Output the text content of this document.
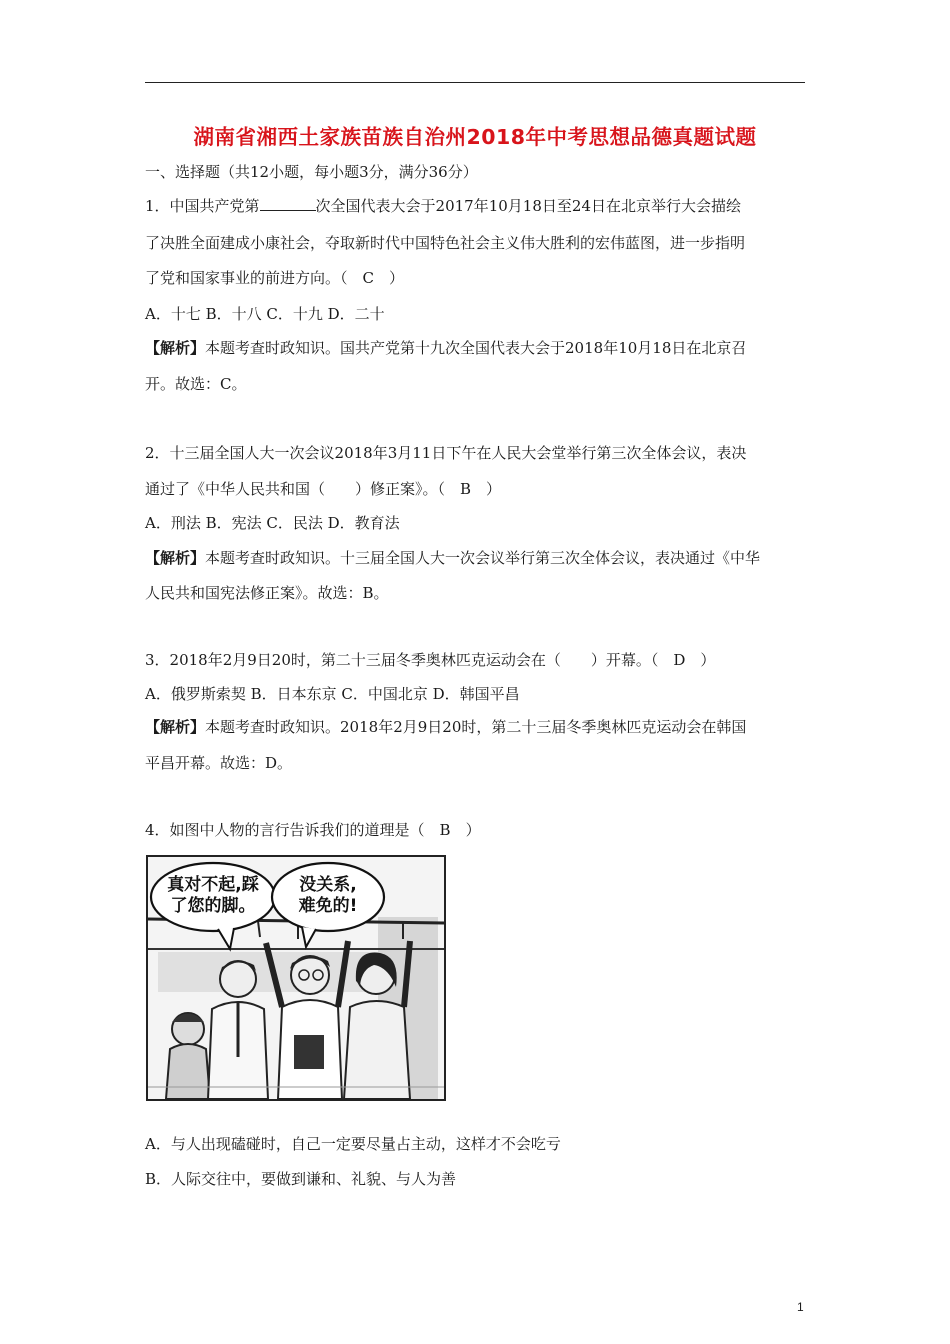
湖南省湘西土家族苗族自治州2018年中考思想品德真题试题
一、选择题（共12小题，每小题3分，满分36分）
1．中国共产党第	次全国代表大会于2017年10月18日至24日在北京举行大会描绘
了决胜全面建成小康社会，夺取新时代中国特色社会主义伟大胜利的宏伟蓝图，进一步指明
了党和国家事业的前进方向。（　C　）
A．十七 B．十八 C．十九 D．二十
【解析】本题考查时政知识。国共产党第十九次全国代表大会于2018年10月18日在北京召
开。故选：C。
2．十三届全国人大一次会议2018年3月11日下午在人民大会堂举行第三次全体会议，表决
通过了《中华人民共和国（　　）修正案》。（　B　）
A．刑法 B．宪法 C．民法 D．教育法
【解析】本题考查时政知识。十三届全国人大一次会议举行第三次全体会议，表决通过《中华
人民共和国宪法修正案》。故选：B。
3．2018年2月9日20时，第二十三届冬季奥林匹克运动会在（　　）开幕。（　D　）
A．俄罗斯索契 B．日本东京 C．中国北京 D．韩国平昌
【解析】本题考查时政知识。2018年2月9日20时，第二十三届冬季奥林匹克运动会在韩国
平昌开幕。故选：D。
4．如图中人物的言行告诉我们的道理是（　B　）
真对不起,踩
了您的脚。
没关系,
难免的!
A．与人出现磕碰时，自己一定要尽量占主动，这样才不会吃亏
B．人际交往中，要做到谦和、礼貌、与人为善
1
